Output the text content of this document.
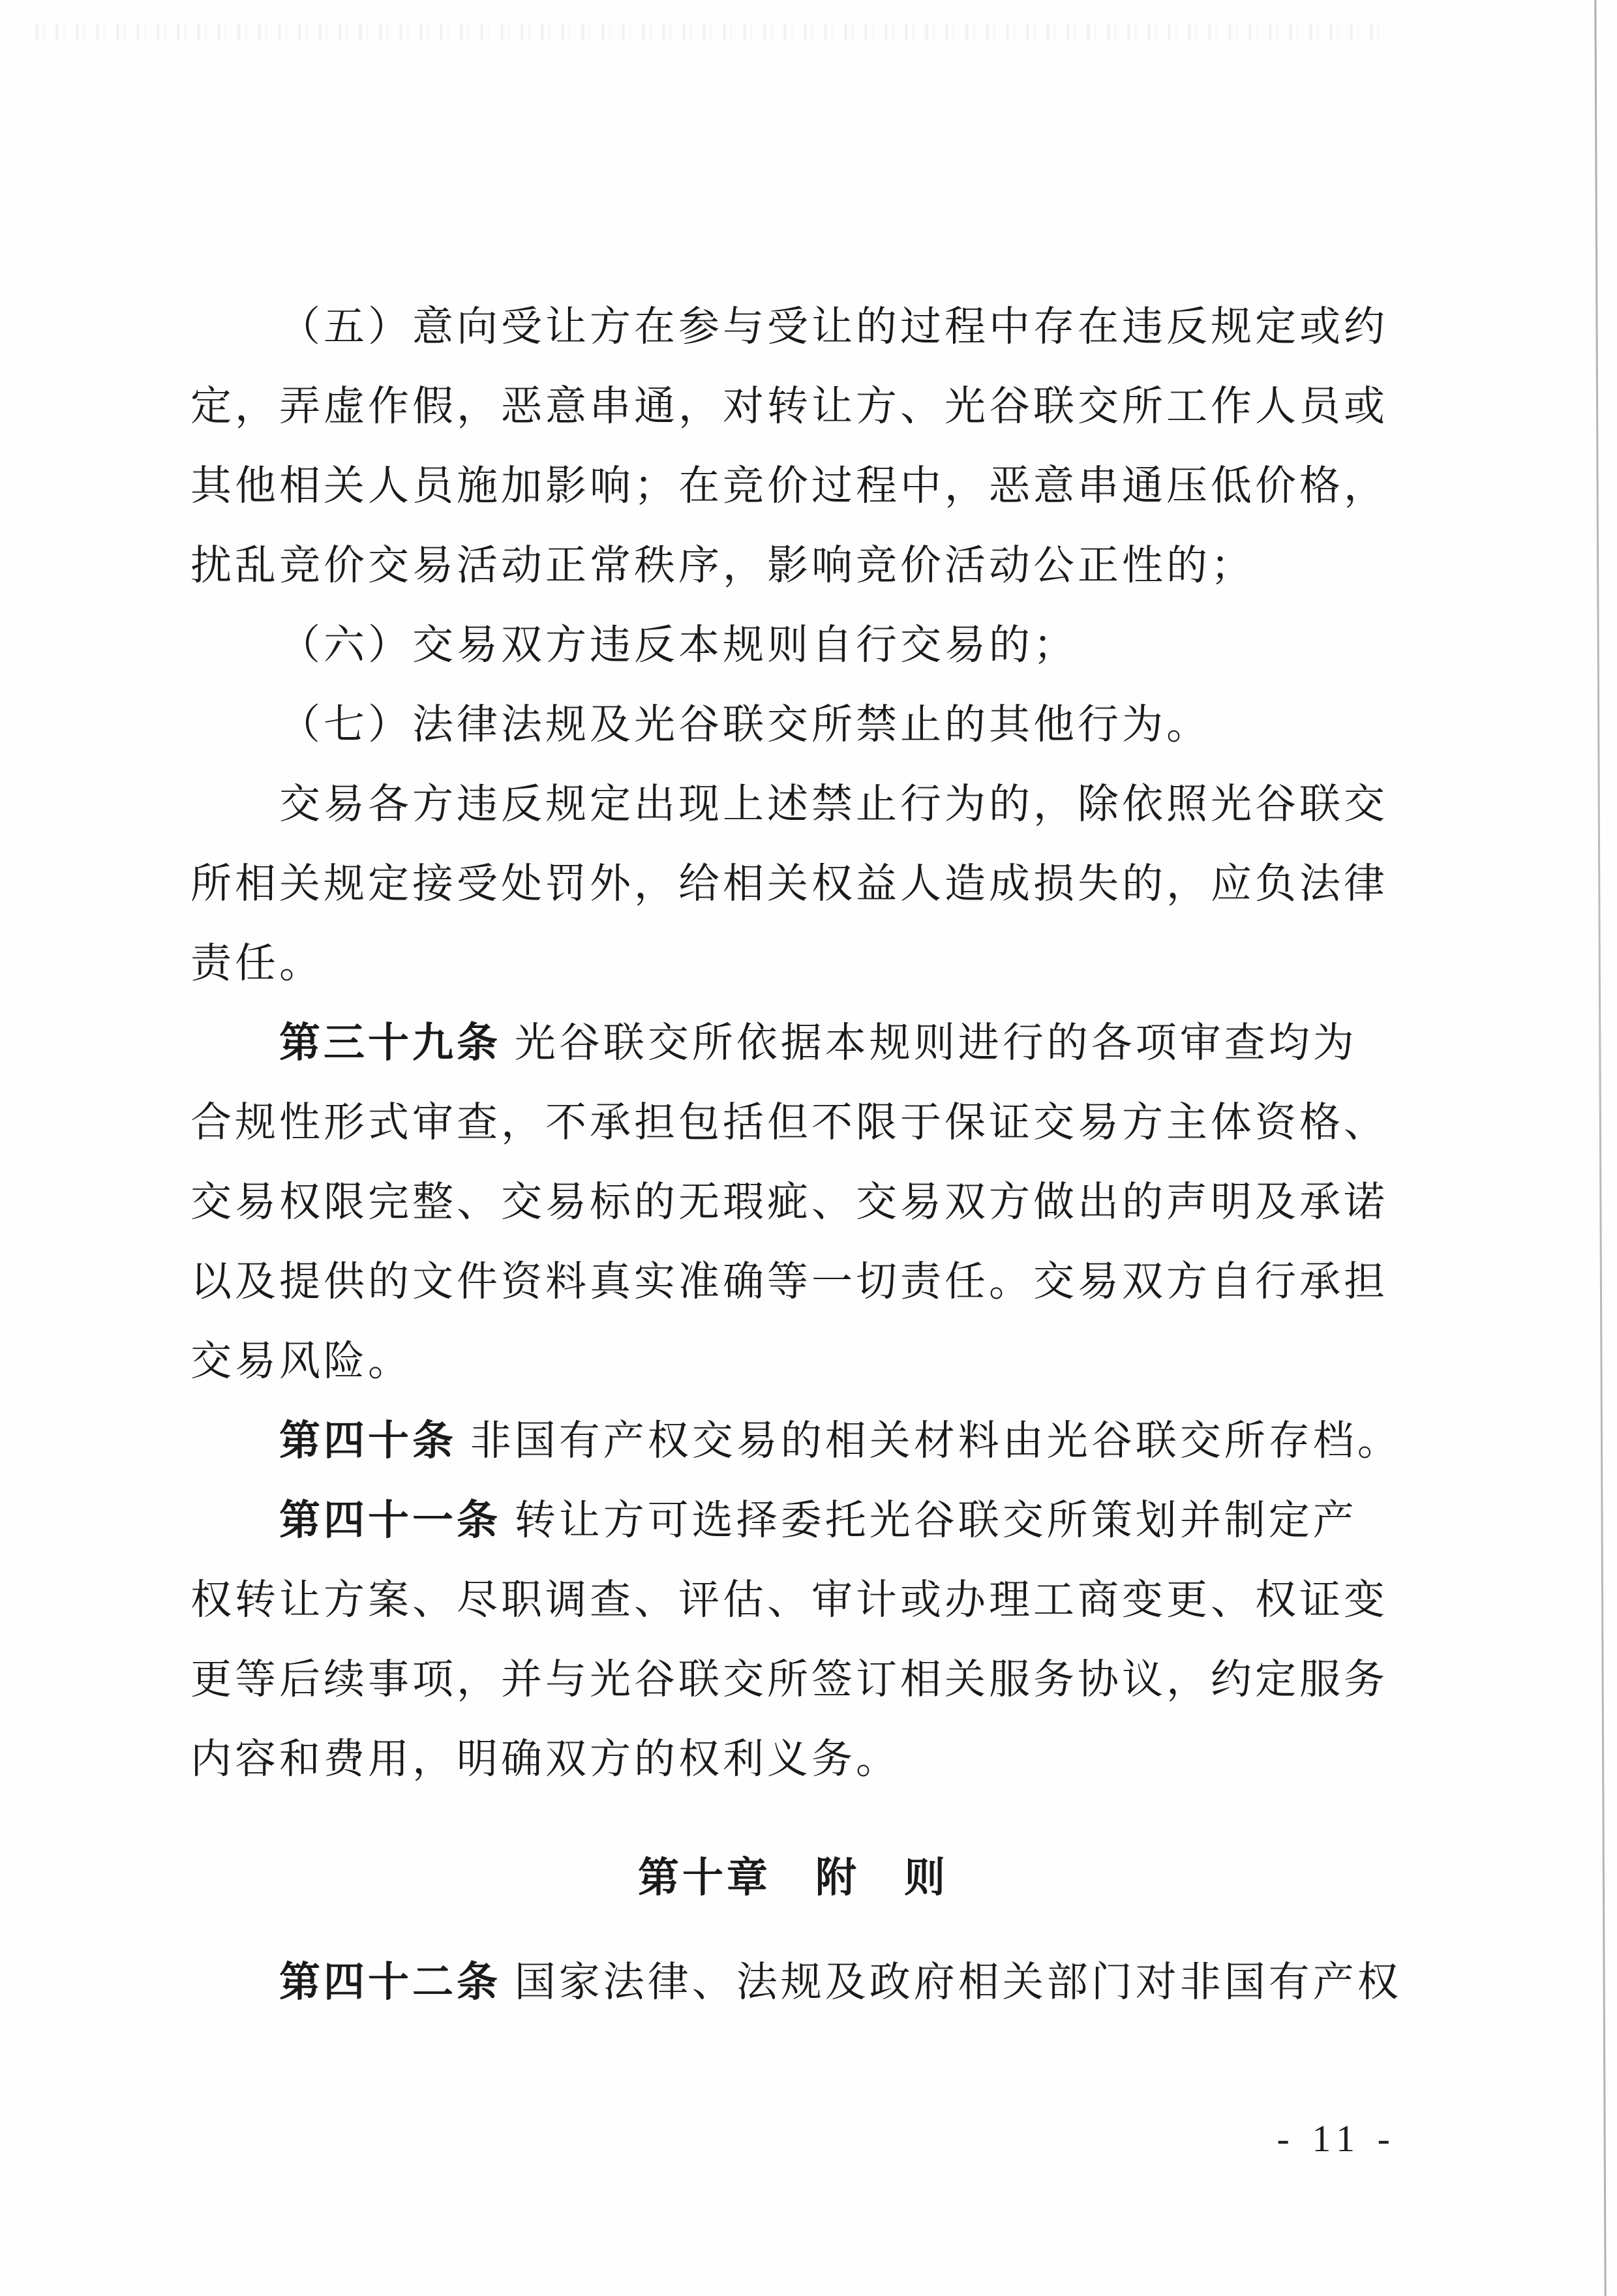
（五）意向受让方在参与受让的过程中存在违反规定或约
定，弄虚作假，恶意串通，对转让方、光谷联交所工作人员或
其他相关人员施加影响；在竞价过程中，恶意串通压低价格，
扰乱竞价交易活动正常秩序，影响竞价活动公正性的；
（六）交易双方违反本规则自行交易的；
（七）法律法规及光谷联交所禁止的其他行为。
交易各方违反规定出现上述禁止行为的，除依照光谷联交
所相关规定接受处罚外，给相关权益人造成损失的，应负法律
责任。
第三十九条 光谷联交所依据本规则进行的各项审查均为
合规性形式审查，不承担包括但不限于保证交易方主体资格、
交易权限完整、交易标的无瑕疵、交易双方做出的声明及承诺
以及提供的文件资料真实准确等一切责任。交易双方自行承担
交易风险。
第四十条 非国有产权交易的相关材料由光谷联交所存档。
第四十一条 转让方可选择委托光谷联交所策划并制定产
权转让方案、尽职调查、评估、审计或办理工商变更、权证变
更等后续事项，并与光谷联交所签订相关服务协议，约定服务
内容和费用，明确双方的权利义务。
第十章　附　则
第四十二条 国家法律、法规及政府相关部门对非国有产权
- 11 -
